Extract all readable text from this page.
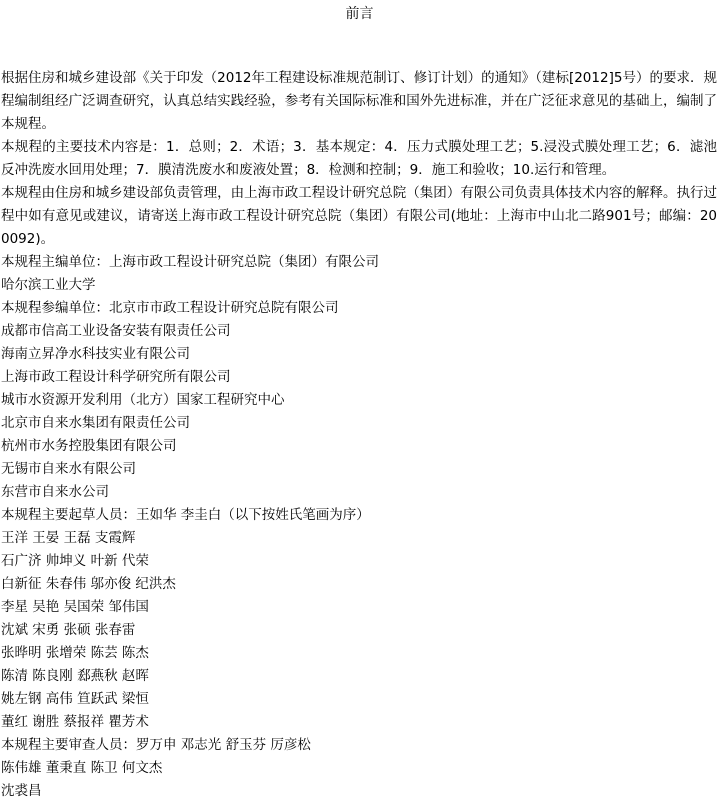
前言

根据住房和城乡建设部《关于印发（2012年工程建设标准规范制订、修订计划）的通知》（建标[2012]5号）的要求．规程编制组经广泛调查研究，认真总结实践经验，参考有关国际标准和国外先进标准，并在广泛征求意见的基础上，编制了本规程。

本规程的主要技术内容是：1．总则；2．术语；3．基本规定：4．压力式膜处理工艺；5.浸没式膜处理工艺；6．滤池反冲洗废水回用处理；7．膜清洗废水和废液处置；8．检测和控制；9．施工和验收；10.运行和管理。

本规程由住房和城乡建设部负责管理，由上海市政工程设计研究总院（集团）有限公司负责具体技术内容的解释。执行过程中如有意见或建议，请寄送上海市政工程设计研究总院（集团）有限公司(地址：上海市中山北二路901号；邮编：200092)。

本规程主编单位：上海市政工程设计研究总院（集团）有限公司
哈尔滨工业大学
本规程参编单位：北京市市政工程设计研究总院有限公司
成都市信高工业设备安装有限责任公司
海南立昇净水科技实业有限公司
上海市政工程设计科学研究所有限公司
城市水资源开发利用（北方）国家工程研究中心
北京市自来水集团有限责任公司
杭州市水务控股集团有限公司
无锡市自来水有限公司
东营市自来水公司
本规程主要起草人员：王如华 李圭白（以下按姓氏笔画为序）
王洋 王晏 王磊 支霞辉
石广济 帅坤义 叶新 代荣
白新征 朱春伟 邬亦俊 纪洪杰
李星 吴艳 吴国荣 邹伟国
沈斌 宋勇 张硕 张春雷
张晔明 张增荣 陈芸 陈杰
陈清 陈良刚 郄燕秋 赵晖
姚左钢 高伟 笪跃武 梁恒
董红 谢胜 蔡报祥 瞿芳术
本规程主要审查人员：罗万申 邓志光 舒玉芬 厉彦松
陈伟雄 董秉直 陈卫 何文杰
沈裘昌
